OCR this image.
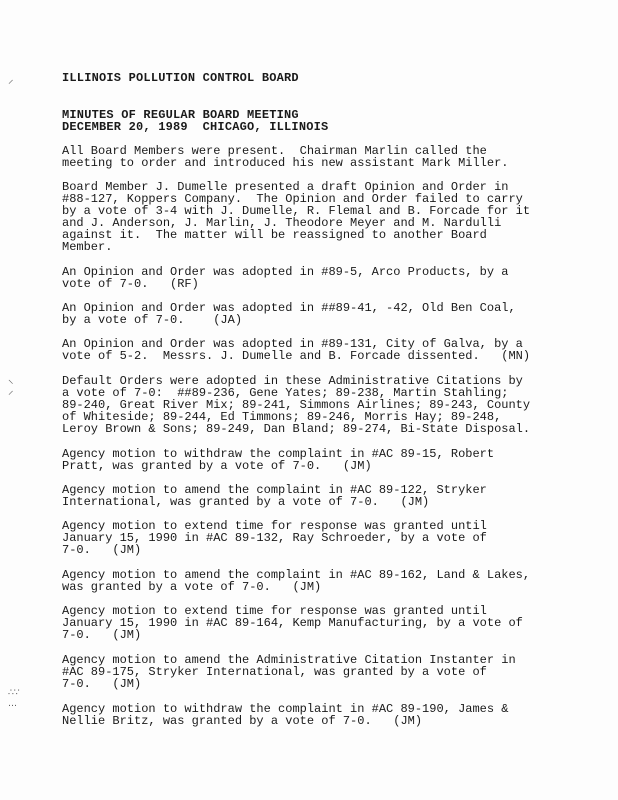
⸝
⸜
⸝
∴∵
…
ILLINOIS POLLUTION CONTROL BOARD
MINUTES OF REGULAR BOARD MEETING
DECEMBER 20, 1989  CHICAGO, ILLINOIS
All Board Members were present.  Chairman Marlin called the
meeting to order and introduced his new assistant Mark Miller.
Board Member J. Dumelle presented a draft Opinion and Order in
#88-127, Koppers Company.  The Opinion and Order failed to carry
by a vote of 3-4 with J. Dumelle, R. Flemal and B. Forcade for it
and J. Anderson, J. Marlin, J. Theodore Meyer and M. Nardulli
against it.  The matter will be reassigned to another Board
Member.
An Opinion and Order was adopted in #89-5, Arco Products, by a
vote of 7-0.   (RF)
An Opinion and Order was adopted in ##89-41, -42, Old Ben Coal,
by a vote of 7-0.    (JA)
An Opinion and Order was adopted in #89-131, City of Galva, by a
vote of 5-2.  Messrs. J. Dumelle and B. Forcade dissented.   (MN)
Default Orders were adopted in these Administrative Citations by
a vote of 7-0:  ##89-236, Gene Yates; 89-238, Martin Stahling;
89-240, Great River Mix; 89-241, Simmons Airlines; 89-243, County
of Whiteside; 89-244, Ed Timmons; 89-246, Morris Hay; 89-248,
Leroy Brown & Sons; 89-249, Dan Bland; 89-274, Bi-State Disposal.
Agency motion to withdraw the complaint in #AC 89-15, Robert
Pratt, was granted by a vote of 7-0.   (JM)
Agency motion to amend the complaint in #AC 89-122, Stryker
International, was granted by a vote of 7-0.   (JM)
Agency motion to extend time for response was granted until
January 15, 1990 in #AC 89-132, Ray Schroeder, by a vote of
7-0.   (JM)
Agency motion to amend the complaint in #AC 89-162, Land & Lakes,
was granted by a vote of 7-0.   (JM)
Agency motion to extend time for response was granted until
January 15, 1990 in #AC 89-164, Kemp Manufacturing, by a vote of
7-0.   (JM)
Agency motion to amend the Administrative Citation Instanter in
#AC 89-175, Stryker International, was granted by a vote of
7-0.   (JM)
Agency motion to withdraw the complaint in #AC 89-190, James &
Nellie Britz, was granted by a vote of 7-0.   (JM)
